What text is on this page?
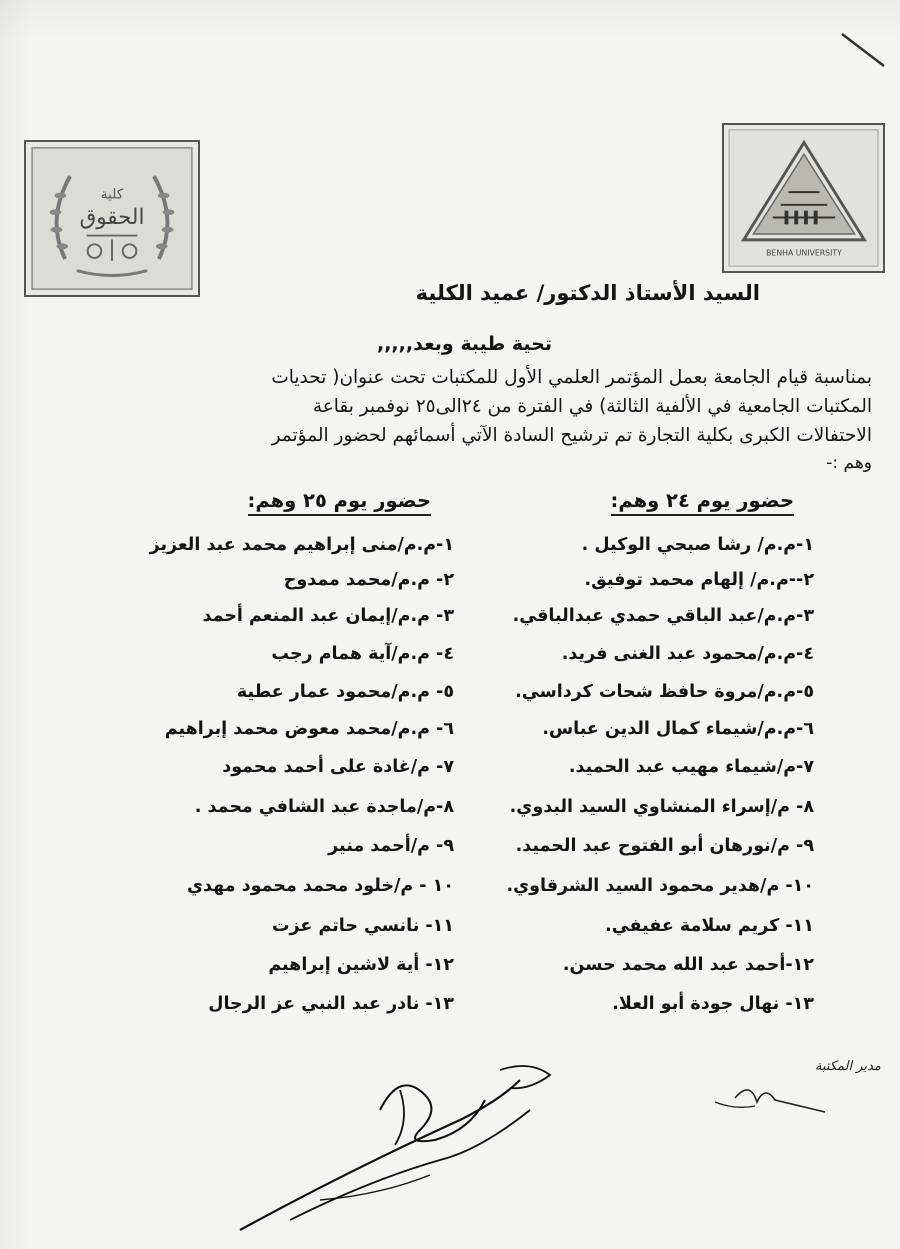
كلية
الحقوق
BENHA UNIVERSITY
السيد الأستاذ الدكتور/ عميد الكلية
تحية طيبة وبعد,,,,,
بمناسبة قيام الجامعة بعمل المؤتمر العلمي الأول للمكتبات تحت عنوان( تحديات
المكتبات الجامعية في الألفية الثالثة) في الفترة من ٢٤الى٢٥ نوفمبر بقاعة
الاحتفالات الكبرى بكلية التجارة تم ترشيح السادة الآتي أسمائهم لحضور المؤتمر
وهم :-
حضور يوم ٢٤ وهم:
حضور يوم ٢٥ وهم:
١-م.م/ رشا صبحي الوكيل .
٢--م.م/ إلهام محمد توفيق.
٣-م.م/عبد الباقي حمدي عبدالباقي.
٤-م.م/محمود عبد الغنى فريد.
٥-م.م/مروة حافظ شحات كرداسي.
٦-م.م/شيماء كمال الدين عباس.
٧-م/شيماء مهيب عبد الحميد.
٨- م/إسراء المنشاوي السيد البدوي.
٩- م/نورهان أبو الفتوح عبد الحميد.
١٠- م/هدير محمود السيد الشرقاوي.
١١- كريم سلامة عفيفي.
١٢-أحمد عبد الله محمد حسن.
١٣- نهال جودة أبو العلا.
١-م.م/منى إبراهيم محمد عبد العزيز
٢- م.م/محمد ممدوح
٣- م.م/إيمان عبد المنعم أحمد
٤- م.م/آية همام رجب
٥- م.م/محمود عمار عطية
٦- م.م/محمد معوض محمد إبراهيم
٧- م/غادة على أحمد محمود
٨-م/ماجدة عبد الشافي محمد .
٩- م/أحمد منير
١٠ - م/خلود محمد محمود مهدي
١١- نانسي حاتم عزت
١٢- أية لاشين إبراهيم
١٣- نادر عبد النبي عز الرجال
مدير المكتبة
